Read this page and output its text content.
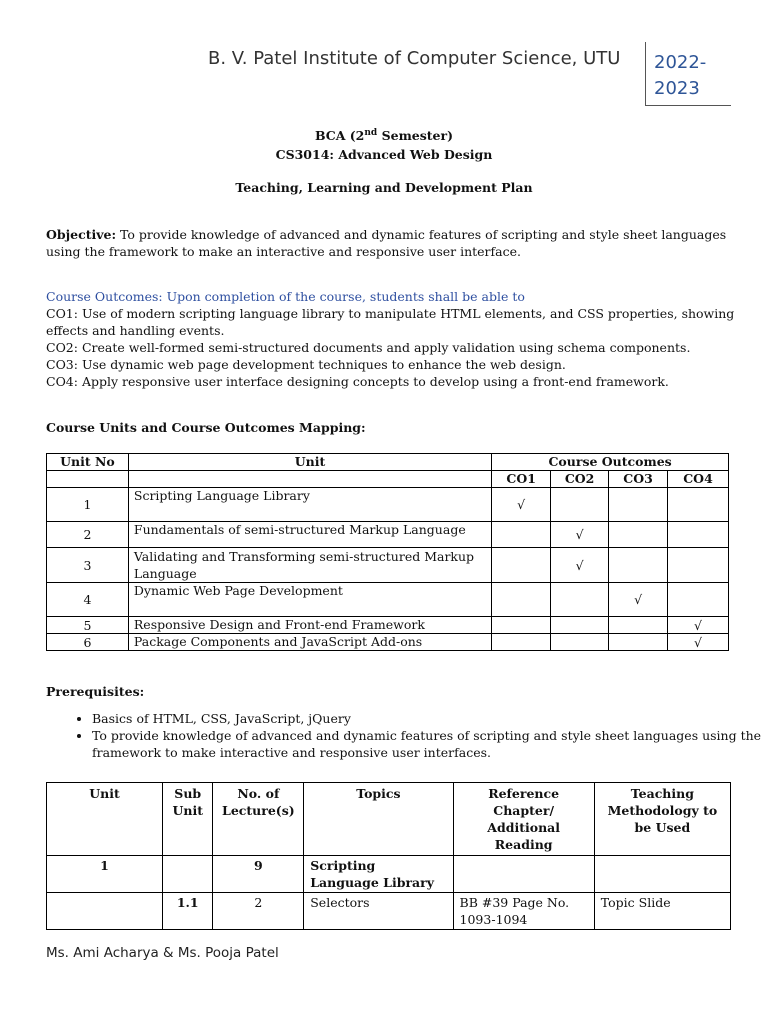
B. V. Patel Institute of Computer Science, UTU 2022-
2023
BCA (2nd Semester)
CS3014: Advanced Web Design
Teaching, Learning and Development Plan
Objective: To provide knowledge of advanced and dynamic features of scripting and style sheet languages using the framework to make an interactive and responsive user interface.
Course Outcomes: Upon completion of the course, students shall be able to
CO1: Use of modern scripting language library to manipulate HTML elements, and CSS properties, showing effects and handling events.
CO2: Create well-formed semi-structured documents and apply validation using schema components.
CO3: Use dynamic web page development techniques to enhance the web design.
CO4: Apply responsive user interface designing concepts to develop using a front-end framework.
Course Units and Course Outcomes Mapping:
Unit No	Unit	Course Outcomes			
		CO1	CO2	CO3	CO4
1	Scripting Language Library	√			
2	Fundamentals of semi-structured Markup Language		√		
3	Validating and Transforming semi-structured Markup Language		√		
4	Dynamic Web Page Development			√	
5	Responsive Design and Front-end Framework				√
6	Package Components and JavaScript Add-ons				√
Prerequisites:
• Basics of HTML, CSS, JavaScript, jQuery
• To provide knowledge of advanced and dynamic features of scripting and style sheet languages using the framework to make interactive and responsive user interfaces.
Unit	Sub Unit	No. of Lecture(s)	Topics	Reference Chapter/ Additional Reading	Teaching Methodology to be Used
1		9	Scripting Language Library		
	1.1	2	Selectors	BB #39 Page No. 1093-1094	Topic Slide
Ms. Ami Acharya & Ms. Pooja Patel
